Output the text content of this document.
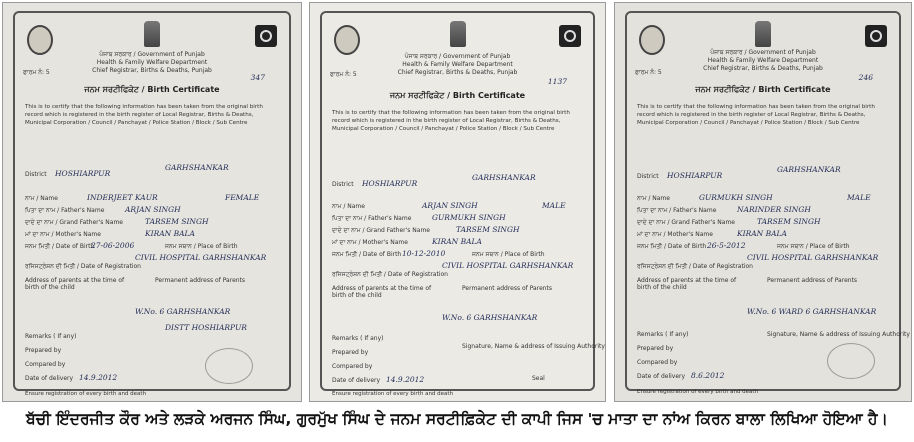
ਪੰਜਾਬ ਸਰਕਾਰ / Government of Punjab
Health & Family Welfare Department
Chief Registrar, Births & Deaths, Punjab
ਫਾਰਮ ਨੰ: 5
347
ਜਨਮ ਸਰਟੀਫਿਕੇਟ / Birth Certificate
This is to certify that the following information has been taken from the original birth record which is registered in the birth register of Local Registrar, Births & Deaths, Municipal Corporation / Council / Panchayat / Police Station / Block / Sub Centre
District HOSHIARPUR
GARHSHANKAR
ਨਾਮ / Name	INDERJEET KAUR	FEMALE
ਪਿਤਾ ਦਾ ਨਾਮ / Father's Name	ARJAN SINGH
ਦਾਦੇ ਦਾ ਨਾਮ / Grand Father's Name	TARSEM SINGH
ਮਾਂ ਦਾ ਨਾਮ / Mother's Name	KIRAN BALA
ਜਨਮ ਮਿਤੀ / Date of Birth
27-06-2006	ਜਨਮ ਸਥਾਨ / Place of Birth
CIVIL HOSPITAL GARHSHANKAR
ਰਜਿਸਟ੍ਰੇਸ਼ਨ ਦੀ ਮਿਤੀ / Date of Registration
Address of parents at the time of birth of the child
Permanent address of Parents
W.No. 6 GARHSHANKAR
DISTT HOSHIARPUR
Remarks ( If any)
Prepared by
Compared by
Date of delivery 14.9.2012
Ensure registration of every birth and death
ਪੰਜਾਬ ਸਰਕਾਰ / Government of Punjab
Health & Family Welfare Department
Chief Registrar, Births & Deaths, Punjab
ਫਾਰਮ ਨੰ: 5
1137
ਜਨਮ ਸਰਟੀਫਿਕੇਟ / Birth Certificate
This is to certify that the following information has been taken from the original birth record which is registered in the birth register of Local Registrar, Births & Deaths, Municipal Corporation / Council / Panchayat / Police Station / Block / Sub Centre
District HOSHIARPUR
GARHSHANKAR
ਨਾਮ / Name	ARJAN SINGH	MALE
ਪਿਤਾ ਦਾ ਨਾਮ / Father's Name	GURMUKH SINGH
ਦਾਦੇ ਦਾ ਨਾਮ / Grand Father's Name	TARSEM SINGH
ਮਾਂ ਦਾ ਨਾਮ / Mother's Name	KIRAN BALA
ਜਨਮ ਮਿਤੀ / Date of Birth 10-12-2010	ਜਨਮ ਸਥਾਨ / Place of Birth
CIVIL HOSPITAL GARHSHANKAR
ਰਜਿਸਟ੍ਰੇਸ਼ਨ ਦੀ ਮਿਤੀ / Date of Registration
Address of parents at the time of birth of the child
Permanent address of Parents
W.No. 6 GARHSHANKAR
Remarks ( If any)
Prepared by
Compared by
Date of delivery 14.9.2012
Signature, Name & address of Issuing Authority
Seal
Ensure registration of every birth and death
ਪੰਜਾਬ ਸਰਕਾਰ / Government of Punjab
Health & Family Welfare Department
Chief Registrar, Births & Deaths, Punjab
ਫਾਰਮ ਨੰ: 5
246
ਜਨਮ ਸਰਟੀਫਿਕੇਟ / Birth Certificate
This is to certify that the following information has been taken from the original birth record which is registered in the birth register of Local Registrar, Births & Deaths, Municipal Corporation / Council / Panchayat / Police Station / Block / Sub Centre
District HOSHIARPUR
GARHSHANKAR
ਨਾਮ / Name	GURMUKH SINGH	MALE
ਪਿਤਾ ਦਾ ਨਾਮ / Father's Name	NARINDER SINGH
ਦਾਦੇ ਦਾ ਨਾਮ / Grand Father's Name	TARSEM SINGH
ਮਾਂ ਦਾ ਨਾਮ / Mother's Name	KIRAN BALA
ਜਨਮ ਮਿਤੀ / Date of Birth 26-5-2012	ਜਨਮ ਸਥਾਨ / Place of Birth
CIVIL HOSPITAL GARHSHANKAR
ਰਜਿਸਟ੍ਰੇਸ਼ਨ ਦੀ ਮਿਤੀ / Date of Registration
Address of parents at the time of birth of the child
Permanent address of Parents
W.No. 6 WARD 6 GARHSHANKAR
Remarks ( If any)
Prepared by
Compared by
Date of delivery 8.6.2012
Signature, Name & address of Issuing Authority
Ensure registration of every birth and death
ਬੱਚੀ ਇੰਦਰਜੀਤ ਕੌਰ ਅਤੇ ਲੜਕੇ ਅਰਜਨ ਸਿੰਘ, ਗੁਰਮੁੱਖ ਸਿੰਘ ਦੇ ਜਨਮ ਸਰਟੀਫ਼ਿਕੇਟ ਦੀ ਕਾਪੀ ਜਿਸ 'ਚ ਮਾਤਾ ਦਾ ਨਾਂਅ ਕਿਰਨ ਬਾਲਾ ਲਿਖਿਆ ਹੋਇਆ ਹੈ।
